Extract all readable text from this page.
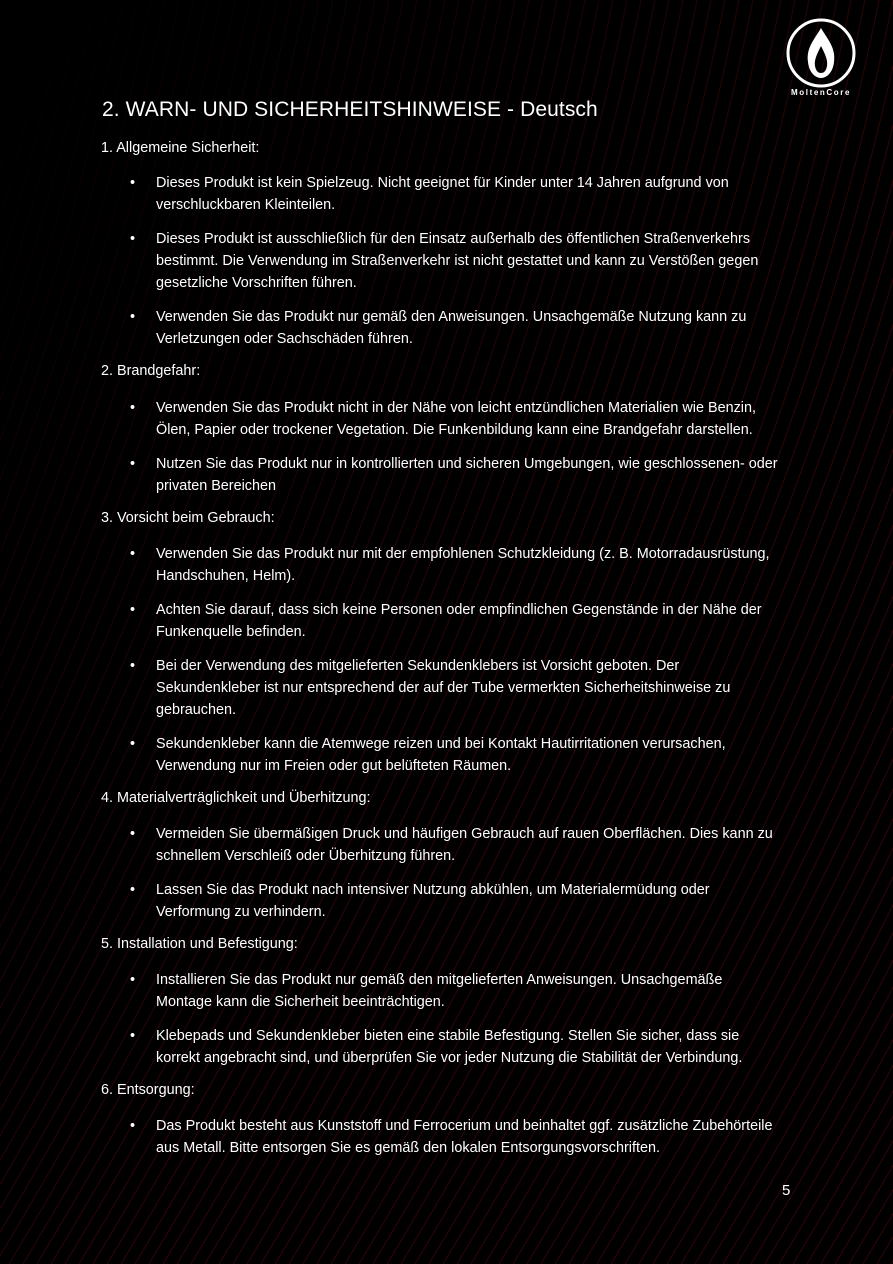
MoltenCore
2. WARN- UND SICHERHEITSHINWEISE - Deutsch
1. Allgemeine Sicherheit:
•	Dieses Produkt ist kein Spielzeug. Nicht geeignet für Kinder unter 14 Jahren aufgrund von verschluckbaren Kleinteilen.
•	Dieses Produkt ist ausschließlich für den Einsatz außerhalb des öffentlichen Straßenverkehrs bestimmt. Die Verwendung im Straßenverkehr ist nicht gestattet und kann zu Verstößen gegen gesetzliche Vorschriften führen.
•	Verwenden Sie das Produkt nur gemäß den Anweisungen. Unsachgemäße Nutzung kann zu Verletzungen oder Sachschäden führen.
2. Brandgefahr:
•	Verwenden Sie das Produkt nicht in der Nähe von leicht entzündlichen Materialien wie Benzin, Ölen, Papier oder trockener Vegetation. Die Funkenbildung kann eine Brandgefahr darstellen.
•	Nutzen Sie das Produkt nur in kontrollierten und sicheren Umgebungen, wie geschlossenen- oder privaten Bereichen
3. Vorsicht beim Gebrauch:
•	Verwenden Sie das Produkt nur mit der empfohlenen Schutzkleidung (z. B. Motorradausrüstung, Handschuhen, Helm).
•	Achten Sie darauf, dass sich keine Personen oder empfindlichen Gegenstände in der Nähe der Funkenquelle befinden.
•	Bei der Verwendung des mitgelieferten Sekundenklebers ist Vorsicht geboten. Der Sekundenkleber ist nur entsprechend der auf der Tube vermerkten Sicherheitshinweise zu gebrauchen.
•	Sekundenkleber kann die Atemwege reizen und bei Kontakt Hautirritationen verursachen, Verwendung nur im Freien oder gut belüfteten Räumen.
4. Materialverträglichkeit und Überhitzung:
•	Vermeiden Sie übermäßigen Druck und häufigen Gebrauch auf rauen Oberflächen. Dies kann zu schnellem Verschleiß oder Überhitzung führen.
•	Lassen Sie das Produkt nach intensiver Nutzung abkühlen, um Materialermüdung oder Verformung zu verhindern.
5. Installation und Befestigung:
•	Installieren Sie das Produkt nur gemäß den mitgelieferten Anweisungen. Unsachgemäße Montage kann die Sicherheit beeinträchtigen.
•	Klebepads und Sekundenkleber bieten eine stabile Befestigung. Stellen Sie sicher, dass sie korrekt angebracht sind, und überprüfen Sie vor jeder Nutzung die Stabilität der Verbindung.
6. Entsorgung:
•	Das Produkt besteht aus Kunststoff und Ferrocerium und beinhaltet ggf. zusätzliche Zubehörteile aus Metall. Bitte entsorgen Sie es gemäß den lokalen Entsorgungsvorschriften.
5
